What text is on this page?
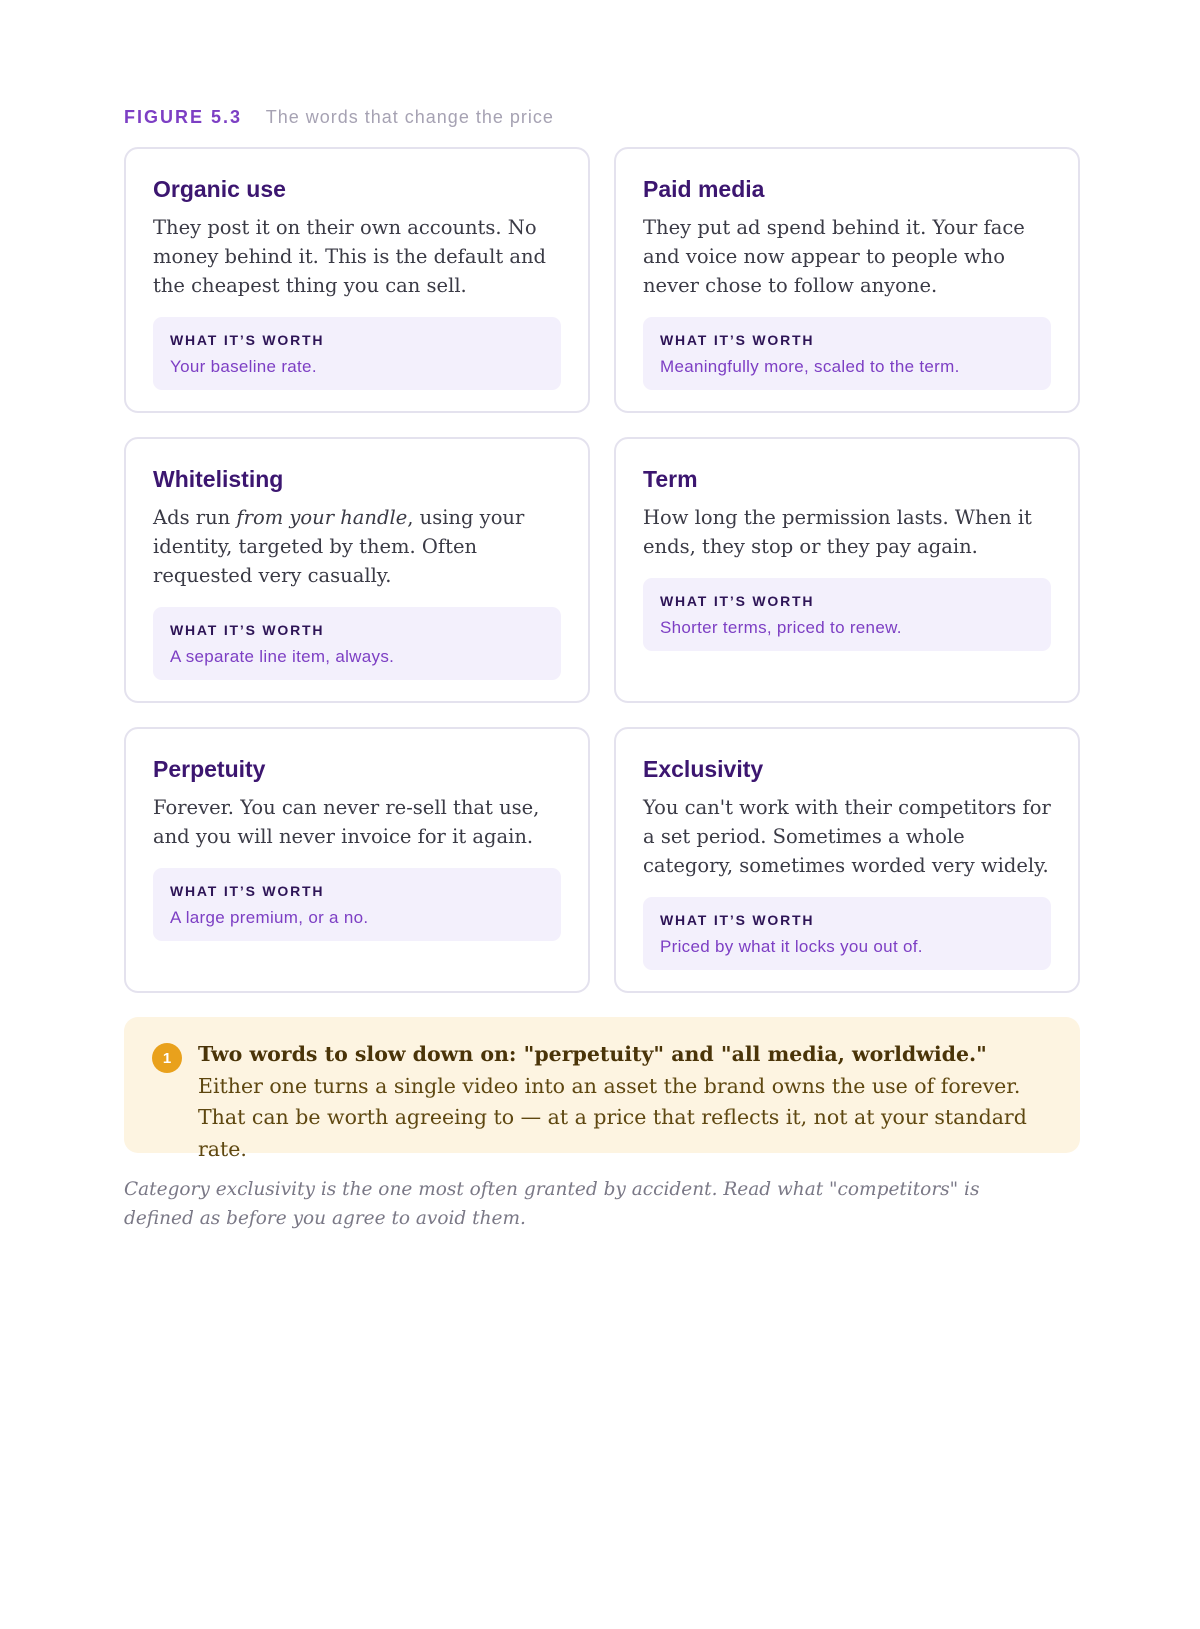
FIGURE 5.3 The words that change the price
Organic use

They post it on their own accounts. No money behind it. This is the default and the cheapest thing you can sell.

WHAT IT’S WORTH
Your baseline rate.
Paid media

They put ad spend behind it. Your face and voice now appear to people who never chose to follow anyone.

WHAT IT’S WORTH
Meaningfully more, scaled to the term.
Whitelisting

Ads run from your handle, using your identity, targeted by them. Often requested very casually.

WHAT IT’S WORTH
A separate line item, always.
Term

How long the permission lasts. When it ends, they stop or they pay again.

WHAT IT’S WORTH
Shorter terms, priced to renew.
Perpetuity

Forever. You can never re-sell that use, and you will never invoice for it again.

WHAT IT’S WORTH
A large premium, or a no.
Exclusivity

You can't work with their competitors for a set period. Sometimes a whole category, sometimes worded very widely.

WHAT IT’S WORTH
Priced by what it locks you out of.
1	Two words to slow down on: "perpetuity" and "all media, worldwide." Either one turns a single video into an asset the brand owns the use of forever. That can be worth agreeing to — at a price that reflects it, not at your standard rate.
Category exclusivity is the one most often granted by accident. Read what "competitors" is defined as before you agree to avoid them.
